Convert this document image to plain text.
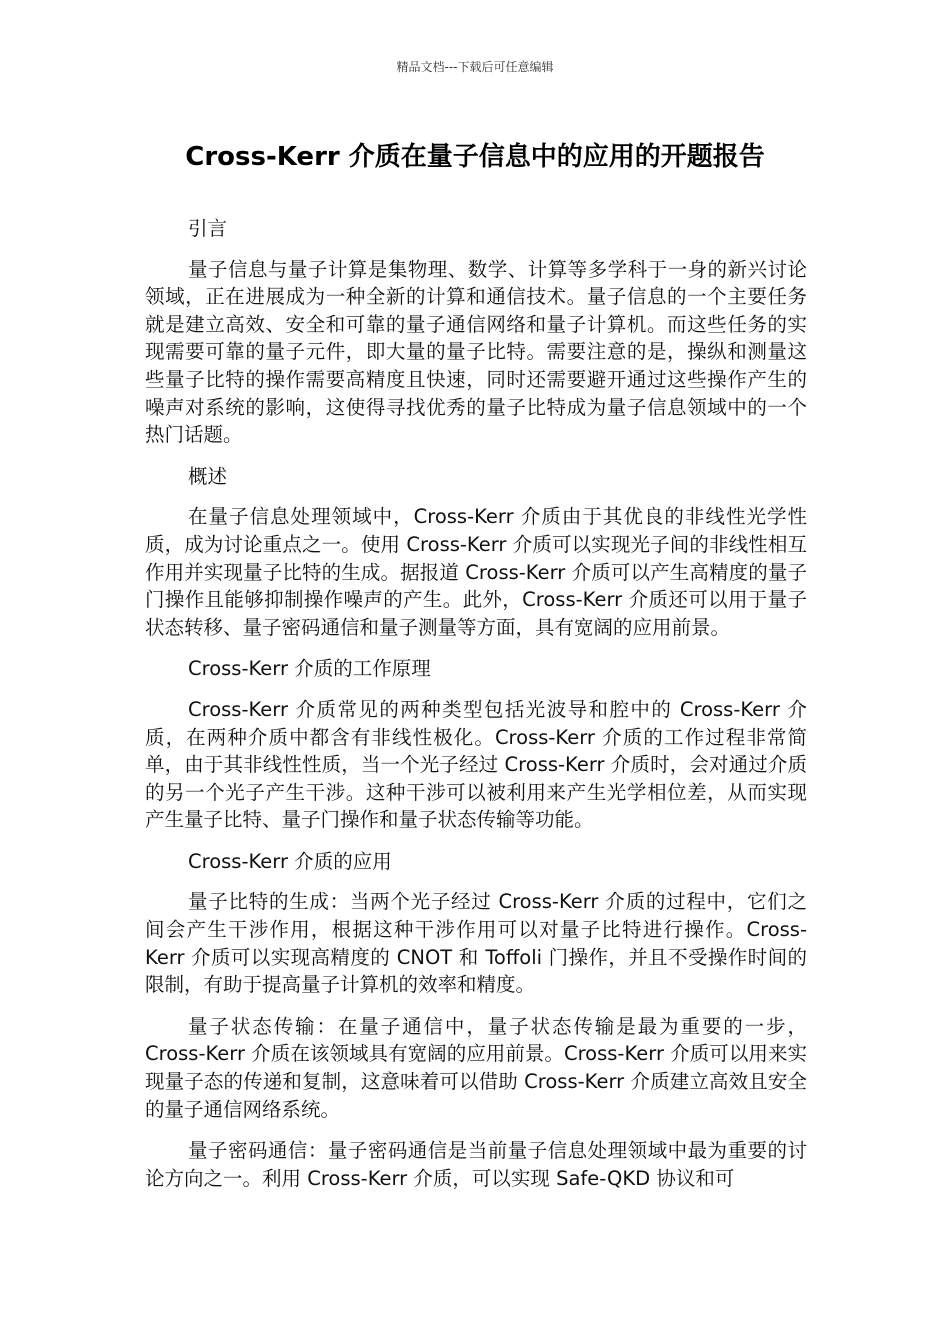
精品文档---下载后可任意编辑
Cross-Kerr 介质在量子信息中的应用的开题报告

引言

量子信息与量子计算是集物理、数学、计算等多学科于一身的新兴讨论领域，正在进展成为一种全新的计算和通信技术。量子信息的一个主要任务就是建立高效、安全和可靠的量子通信网络和量子计算机。而这些任务的实现需要可靠的量子元件，即大量的量子比特。需要注意的是，操纵和测量这些量子比特的操作需要高精度且快速，同时还需要避开通过这些操作产生的噪声对系统的影响，这使得寻找优秀的量子比特成为量子信息领域中的一个热门话题。

概述

在量子信息处理领域中，Cross-Kerr 介质由于其优良的非线性光学性质，成为讨论重点之一。使用 Cross-Kerr 介质可以实现光子间的非线性相互作用并实现量子比特的生成。据报道 Cross-Kerr 介质可以产生高精度的量子门操作且能够抑制操作噪声的产生。此外，Cross-Kerr 介质还可以用于量子状态转移、量子密码通信和量子测量等方面，具有宽阔的应用前景。

Cross-Kerr 介质的工作原理

Cross-Kerr 介质常见的两种类型包括光波导和腔中的 Cross-Kerr 介质，在两种介质中都含有非线性极化。Cross-Kerr 介质的工作过程非常简单，由于其非线性性质，当一个光子经过 Cross-Kerr 介质时，会对通过介质的另一个光子产生干涉。这种干涉可以被利用来产生光学相位差，从而实现产生量子比特、量子门操作和量子状态传输等功能。

Cross-Kerr 介质的应用

量子比特的生成：当两个光子经过 Cross-Kerr 介质的过程中，它们之间会产生干涉作用，根据这种干涉作用可以对量子比特进行操作。Cross-Kerr 介质可以实现高精度的 CNOT 和 Toffoli 门操作，并且不受操作时间的限制，有助于提高量子计算机的效率和精度。

量子状态传输：在量子通信中，量子状态传输是最为重要的一步，Cross-Kerr 介质在该领域具有宽阔的应用前景。Cross-Kerr 介质可以用来实现量子态的传递和复制，这意味着可以借助 Cross-Kerr 介质建立高效且安全的量子通信网络系统。

量子密码通信：量子密码通信是当前量子信息处理领域中最为重要的讨论方向之一。利用 Cross-Kerr 介质，可以实现 Safe-QKD 协议和可
